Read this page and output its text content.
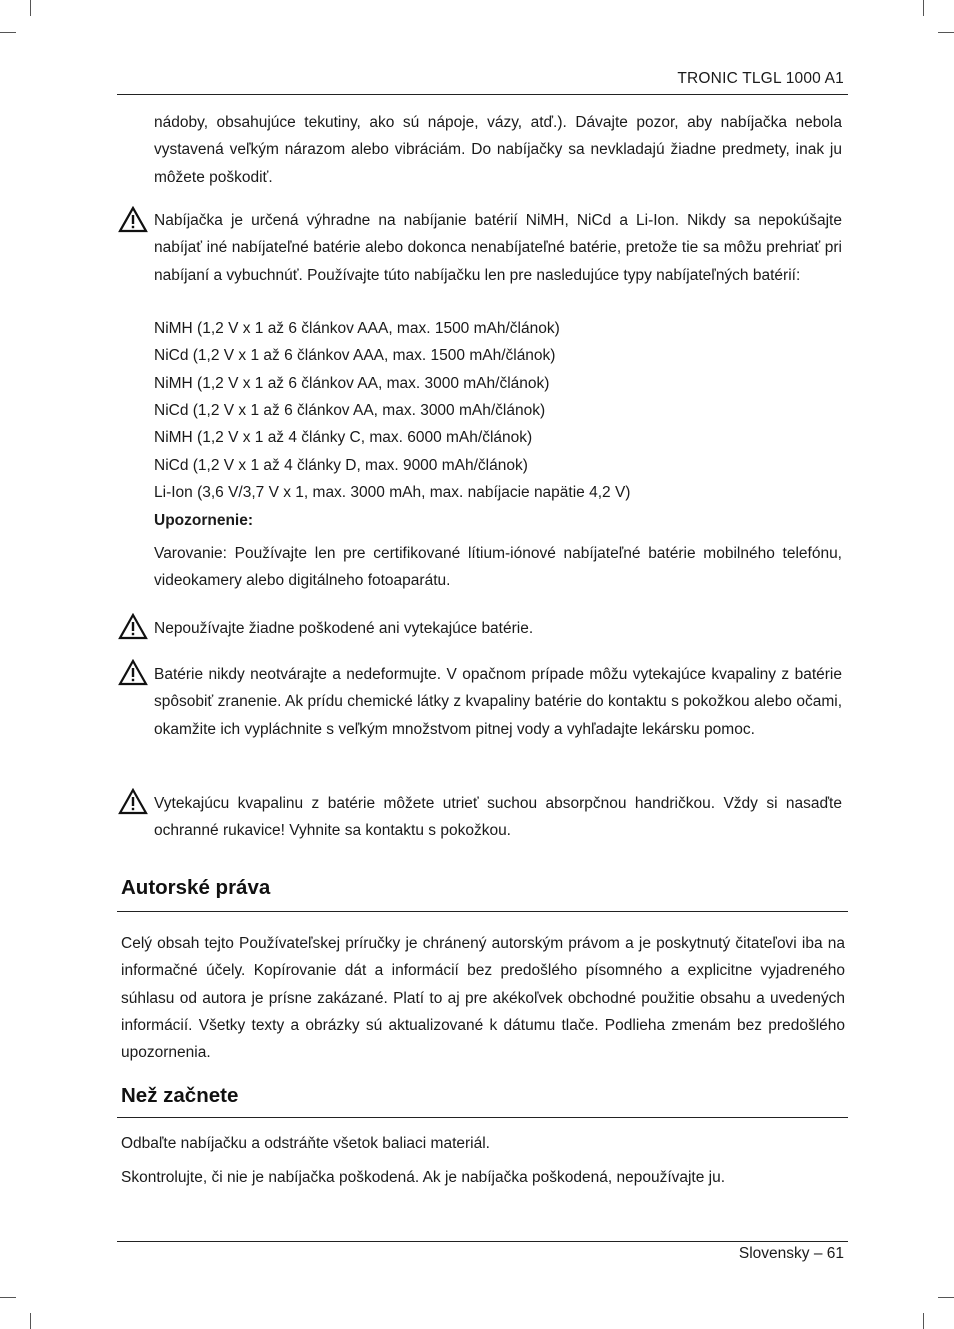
TRONIC TLGL 1000 A1

nádoby, obsahujúce tekutiny, ako sú nápoje, vázy, atď.). Dávajte pozor, aby nabíjačka nebola vystavená veľkým nárazom alebo vibráciám. Do nabíjačky sa nevkladajú žiadne predmety, inak ju môžete poškodiť.

Nabíjačka je určená výhradne na nabíjanie batérií NiMH, NiCd a Li-Ion. Nikdy sa nepokúšajte nabíjať iné nabíjateľné batérie alebo dokonca nenabíjateľné batérie, pretože tie sa môžu prehriať pri nabíjaní a vybuchnúť. Používajte túto nabíjačku len pre nasledujúce typy nabíjateľných batérií:

NiMH (1,2 V x 1 až 6 článkov AAA, max. 1500 mAh/článok)
NiCd (1,2 V x 1 až 6 článkov AAA, max. 1500 mAh/článok)
NiMH (1,2 V x 1 až 6 článkov AA, max. 3000 mAh/článok)
NiCd (1,2 V x 1 až 6 článkov AA, max. 3000 mAh/článok)
NiMH (1,2 V x 1 až 4 články C, max. 6000 mAh/článok)
NiCd (1,2 V x 1 až 4 články D, max. 9000 mAh/článok)
Li-Ion (3,6 V/3,7 V x 1, max. 3000 mAh, max. nabíjacie napätie 4,2 V)
Upozornenie:

Varovanie: Používajte len pre certifikované lítium-iónové nabíjateľné batérie mobilného telefónu, videokamery alebo digitálneho fotoaparátu.

Nepoužívajte žiadne poškodené ani vytekajúce batérie.

Batérie nikdy neotvárajte a nedeformujte. V opačnom prípade môžu vytekajúce kvapaliny z batérie spôsobiť zranenie. Ak prídu chemické látky z kvapaliny batérie do kontaktu s pokožkou alebo očami, okamžite ich vypláchnite s veľkým množstvom pitnej vody a vyhľadajte lekársku pomoc.

Vytekajúcu kvapalinu z batérie môžete utrieť suchou absorpčnou handričkou. Vždy si nasaďte ochranné rukavice! Vyhnite sa kontaktu s pokožkou.

Autorské práva

Celý obsah tejto Používateľskej príručky je chránený autorským právom a je poskytnutý čitateľovi iba na informačné účely. Kopírovanie dát a informácií bez predošlého písomného a explicitne vyjadreného súhlasu od autora je prísne zakázané. Platí to aj pre akékoľvek obchodné použitie obsahu a uvedených informácií. Všetky texty a obrázky sú aktualizované k dátumu tlače. Podlieha zmenám bez predošlého upozornenia.

Než začnete
Odbaľte nabíjačku a odstráňte všetok baliaci materiál.
Skontrolujte, či nie je nabíjačka poškodená. Ak je nabíjačka poškodená, nepoužívajte ju.
Slovensky – 61
